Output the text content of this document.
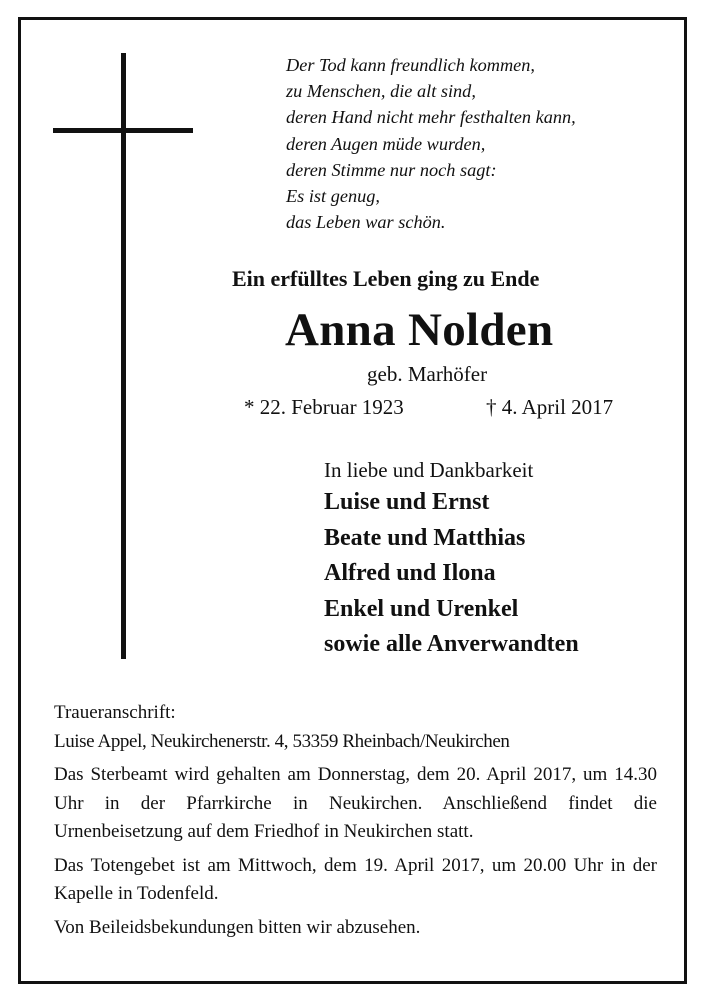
Der Tod kann freundlich kommen,
zu Menschen, die alt sind,
deren Hand nicht mehr festhalten kann,
deren Augen müde wurden,
deren Stimme nur noch sagt:
Es ist genug,
das Leben war schön.
Ein erfülltes Leben ging zu Ende
Anna Nolden
geb. Marhöfer
* 22. Februar 1923	† 4. April 2017
In liebe und Dankbarkeit
Luise und Ernst
Beate und Matthias
Alfred und Ilona
Enkel und Urenkel
sowie alle Anverwandten
Traueranschrift:
Luise Appel, Neukirchenerstr. 4, 53359 Rheinbach/Neukirchen
Das Sterbeamt wird gehalten am Donnerstag, dem 20. April 2017, um 14.30 Uhr in der Pfarrkirche in Neukirchen. Anschließend findet die Urnenbeisetzung auf dem Friedhof in Neukirchen statt.
Das Totengebet ist am Mittwoch, dem 19. April 2017, um 20.00 Uhr in der Kapelle in Todenfeld.
Von Beileidsbekundungen bitten wir abzusehen.
